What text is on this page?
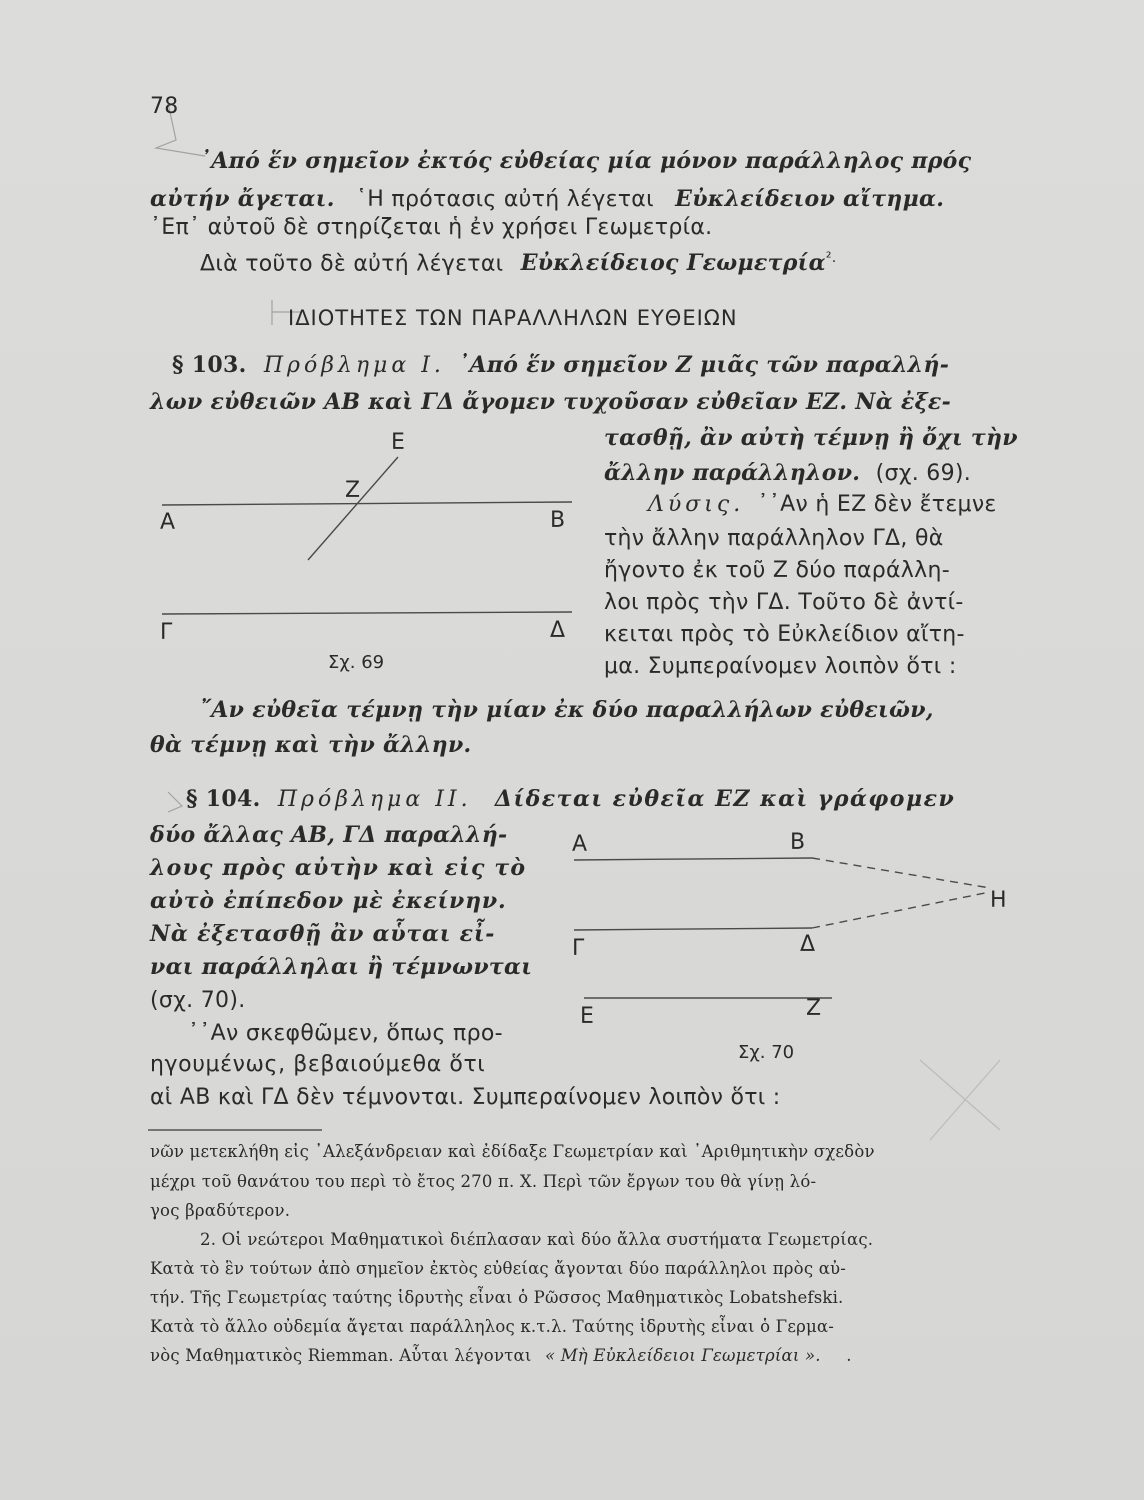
78
᾽Από ἕν σημεῖον ἐκτός εὐθείας μία μόνον παράλληλος πρός
αὐτήν ἄγεται. ῾Η πρότασις αὐτή λέγεται Εὐκλείδειον αἴτημα.
᾽Επ᾽ αὐτοῦ δὲ στηρίζεται ἡ ἐν χρήσει Γεωμετρία.
Διὰ τοῦτο δὲ αὐτή λέγεται Εὐκλείδειος Γεωμετρία$^{^2.}$
ΙΔΙΟΤΗΤΕΣ ΤΩΝ ΠΑΡΑΛΛΗΛΩΝ ΕΥΘΕΙΩΝ
§ 103. Πρόβλημα Ι. ᾽Από ἕν σημεῖον Ζ μιᾶς τῶν παραλλή-
λων εὐθειῶν ΑΒ καὶ ΓΔ ἄγομεν τυχοῦσαν εὐθεῖαν ΕΖ. Νὰ ἐξε-
τασθῇ, ἂν αὐτὴ τέμνῃ ἢ ὄχι τὴν
ἄλλην παράλληλον. (σχ. 69).
Λύσις. ᾽᾽Αν ἡ ΕΖ δὲν ἔτεμνε
τὴν ἄλλην παράλληλον ΓΔ, θὰ
ἤγοντο ἐκ τοῦ Ζ δύο παράλλη-
λοι πρὸς τὴν ΓΔ. Τοῦτο δὲ ἀντί-
κειται πρὸς τὸ Εὐκλείδιον αἴτη-
μα. Συμπεραίνομεν λοιπὸν ὅτι :
῎Αν εὐθεῖα τέμνῃ τὴν μίαν ἐκ δύο παραλλήλων εὐθειῶν,
θὰ τέμνῃ καὶ τὴν ἄλλην.
Ε
Ζ
Α	Β
Γ	Δ
Σχ. 69
§ 104. Πρόβλημα ΙΙ. Δίδεται εὐθεῖα ΕΖ καὶ γράφομεν
δύο ἄλλας ΑΒ, ΓΔ παραλλή-
λους πρὸς αὐτὴν καὶ εἰς τὸ
αὐτὸ ἐπίπεδον μὲ ἐκείνην.
Νὰ ἐξετασθῇ ἂν αὗται εἶ-
ναι παράλληλαι ἢ τέμνωνται
(σχ. 70).
᾽᾽Αν σκεφθῶμεν, ὅπως προ-
ηγουμένως, βεβαιούμεθα ὅτι
αἱ ΑΒ καὶ ΓΔ δὲν τέμνονται. Συμπεραίνομεν λοιπὸν ὅτι :
Α	Β
Η
Γ	Δ
Ε	Ζ
Σχ. 70
νῶν μετεκλήθη εἰς ᾽Αλεξάνδρειαν καὶ ἐδίδαξε Γεωμετρίαν καὶ ᾽Αριθμητικὴν σχεδὸν
μέχρι τοῦ θανάτου του περὶ τὸ ἔτος 270 π. Χ. Περὶ τῶν ἔργων του θὰ γίνῃ λό-
γος βραδύτερον.
2. Οἱ νεώτεροι Μαθηματικοὶ διέπλασαν καὶ δύο ἄλλα συστήματα Γεωμετρίας.
Κατὰ τὸ ἓν τούτων ἀπὸ σημεῖον ἐκτὸς εὐθείας ἄγονται δύο παράλληλοι πρὸς αὐ-
τήν. Τῆς Γεωμετρίας ταύτης ἱδρυτὴς εἶναι ὁ Ρῶσσος Μαθηματικὸς Lobatshefski.
Κατὰ τὸ ἄλλο οὐδεμία ἄγεται παράλληλος κ.τ.λ. Ταύτης ἱδρυτὴς εἶναι ὁ Γερμα-
νὸς Μαθηματικὸς Riemman. Αὗται λέγονται « Μὴ Εὐκλείδειοι Γεωμετρίαι ». .
